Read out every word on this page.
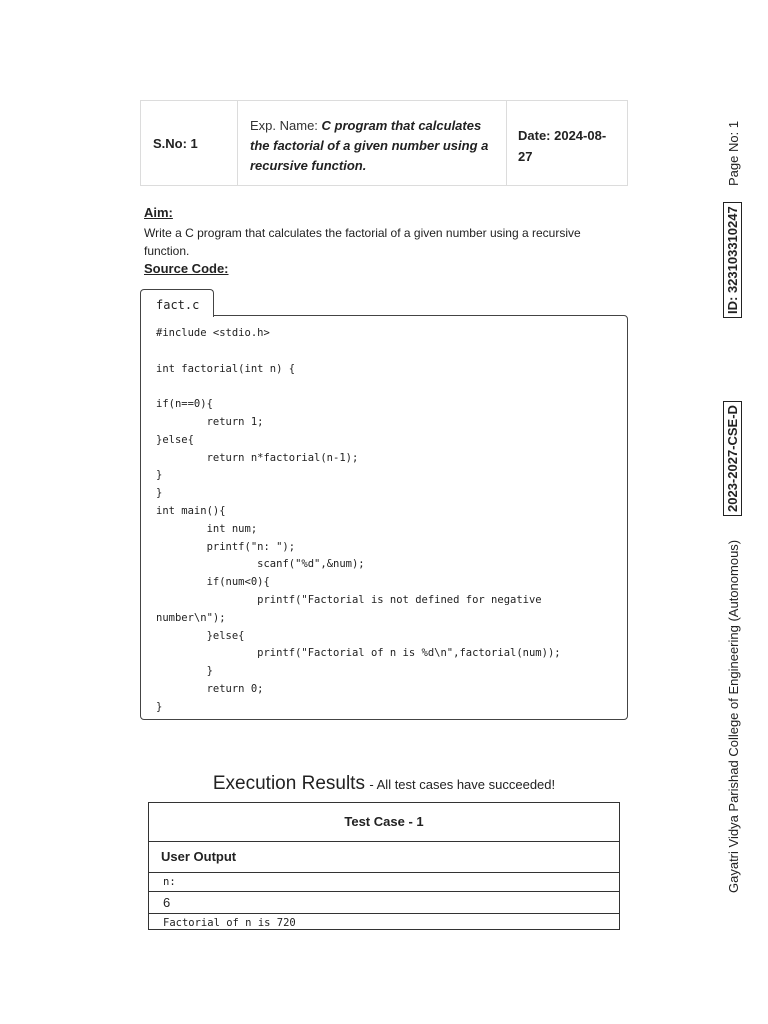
S.No: 1
Exp. Name: C program that calculates the factorial of a given number using a recursive function.
Date: 2024-08-27
Aim:
Write a C program that calculates the factorial of a given number using a recursive function.
Source Code:
fact.c
#include <stdio.h>

int factorial(int n) {

if(n==0){
	return 1;
}else{
	return n*factorial(n-1);
}
}
int main(){
	int num;
	printf("n: ");
		scanf("%d",&num);
	if(num<0){
		printf("Factorial is not defined for negative
number\n");
	}else{
		printf("Factorial of n is %d\n",factorial(num));
	}
	return 0;
}
Execution Results - All test cases have succeeded!
Test Case - 1
User Output
n:
6
Factorial of n is 720
Page No: 1
ID: 323103310247
2023-2027-CSE-D
Gayatri Vidya Parishad College of Engineering (Autonomous)
